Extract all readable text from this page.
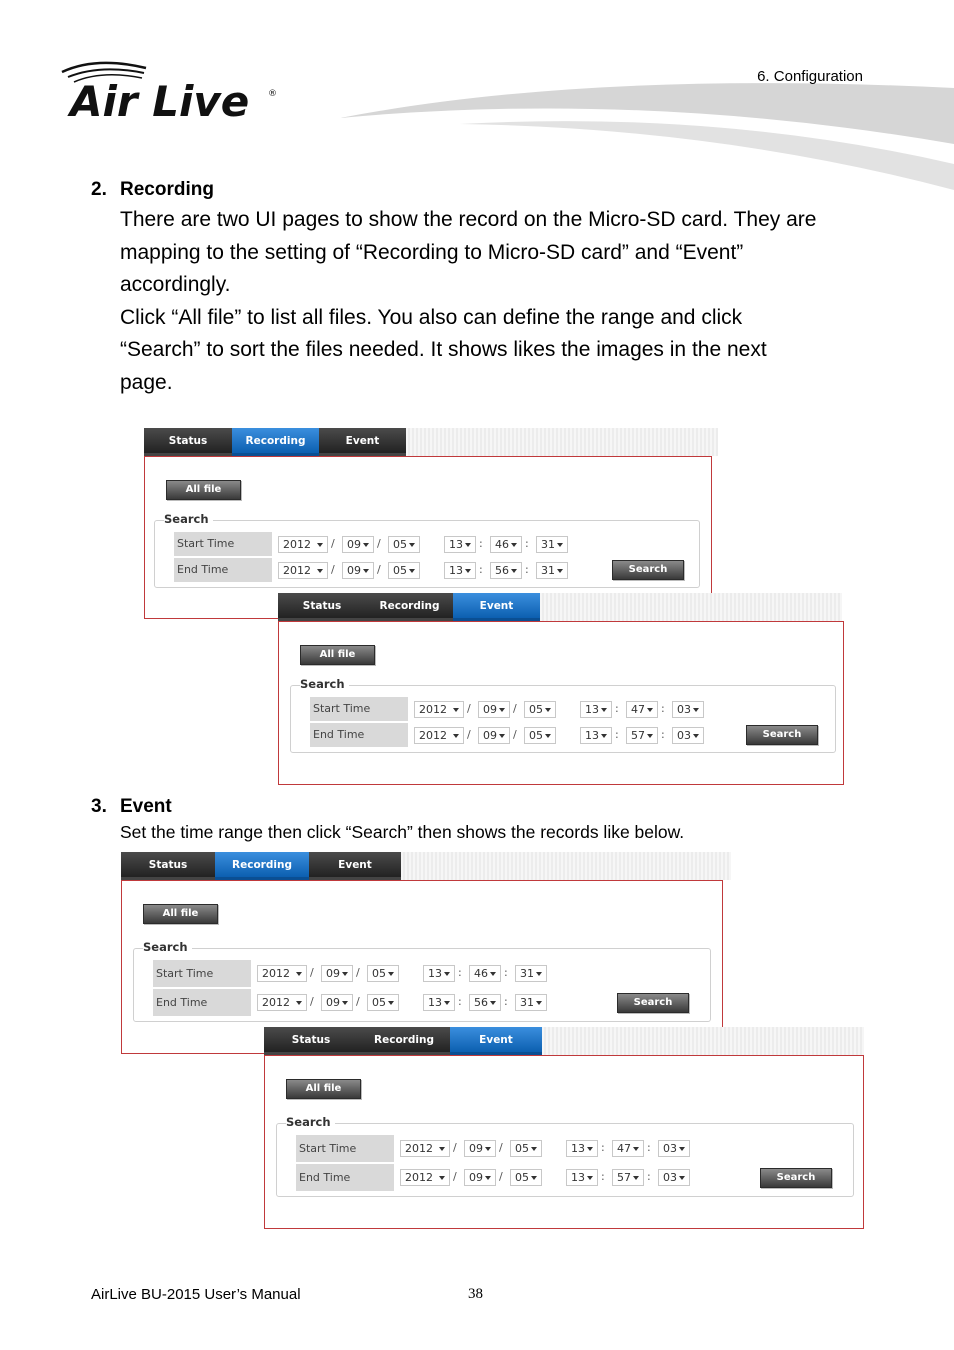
Air Live ®
6. Configuration
2. Recording
There are two UI pages to show the record on the Micro-SD card. They are
mapping to the setting of “Recording to Micro-SD card” and “Event”
accordingly.
Click “All file” to list all files. You also can define the range and click
“Search” to sort the files needed. It shows likes the images in the next
page.
Status	Recording	Event
All file
Search
Start Time	2012	/	09	/	05	13	:	46	:	31
End Time	2012	/	09	/	05	13	:	56	:	31	Search
Status	Recording	Event
All file
Search
Start Time	2012	/	09	/	05	13	:	47	:	03
End Time	2012	/	09	/	05	13	:	57	:	03	Search
3. Event
Set the time range then click “Search” then shows the records like below.
Status	Recording	Event
All file
Search
Start Time	2012	/	09	/	05	13	:	46	:	31
End Time	2012	/	09	/	05	13	:	56	:	31	Search
Status	Recording	Event
All file
Search
Start Time	2012	/	09	/	05	13	:	47	:	03
End Time	2012	/	09	/	05	13	:	57	:	03	Search
AirLive BU-2015 User’s Manual	38
